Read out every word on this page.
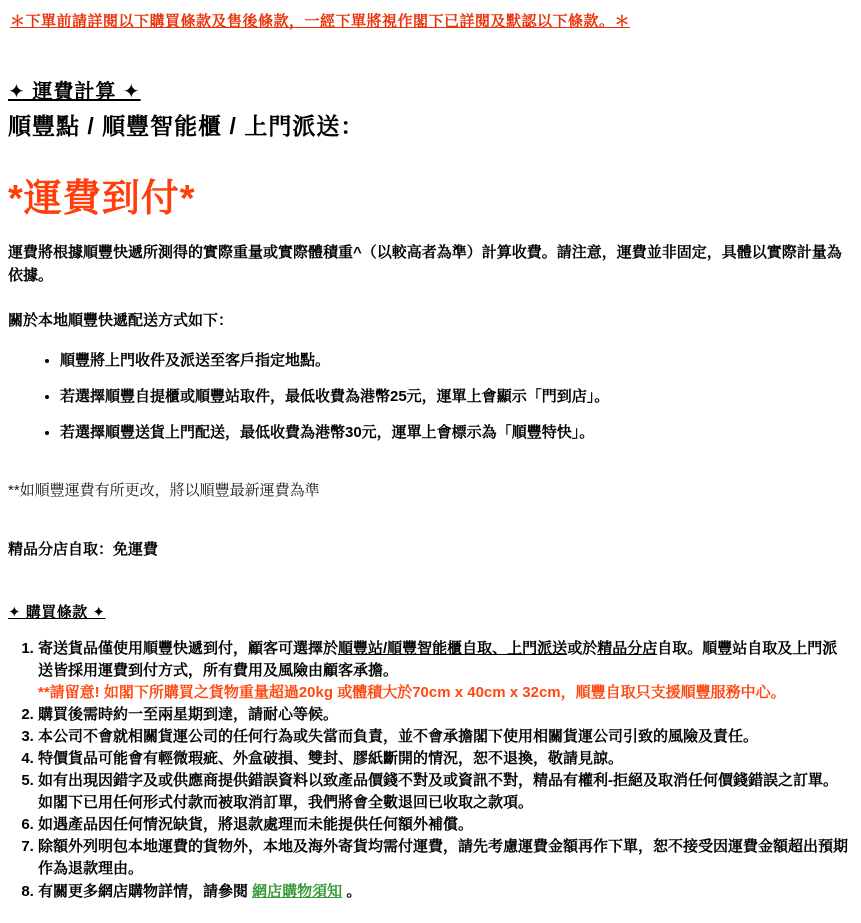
＊下單前請詳閱以下購買條款及售後條款，一經下單將視作閣下已詳閱及默認以下條款。＊
✦ 運費計算 ✦
順豐點 / 順豐智能櫃 / 上門派送：
*運費到付*
運費將根據順豐快遞所測得的實際重量或實際體積重^（以較高者為準）計算收費。請注意，運費並非固定，具體以實際計量為依據。
關於本地順豐快遞配送方式如下：
• 順豐將上門收件及派送至客戶指定地點。
• 若選擇順豐自提櫃或順豐站取件，最低收費為港幣25元，運單上會顯示「門到店」。
• 若選擇順豐送貨上門配送，最低收費為港幣30元，運單上會標示為「順豐特快」。
**如順豐運費有所更改，將以順豐最新運費為準
精品分店自取：免運費
✦ 購買條款 ✦
1. 寄送貨品僅使用順豐快遞到付，顧客可選擇於順豐站/順豐智能櫃自取、上門派送或於精品分店自取。順豐站自取及上門派送皆採用運費到付方式，所有費用及風險由顧客承擔。
**請留意! 如閣下所購買之貨物重量超過20kg 或體積大於70cm x 40cm x 32cm，順豐自取只支援順豐服務中心。
2. 購買後需時約一至兩星期到達，請耐心等候。
3. 本公司不會就相關貨運公司的任何行為或失當而負責，並不會承擔閣下使用相關貨運公司引致的風險及責任。
4. 特價貨品可能會有輕微瑕疵、外盒破損、雙封、膠紙斷開的情況，恕不退換，敬請見諒。
5. 如有出現因錯字及或供應商提供錯誤資料以致產品價錢不對及或資訊不對，精品有權利-拒絕及取消任何價錢錯誤之訂單。如閣下已用任何形式付款而被取消訂單，我們將會全數退回已收取之款項。
6. 如遇產品因任何情況缺貨，將退款處理而未能提供任何額外補償。
7. 除額外列明包本地運費的貨物外，本地及海外寄貨均需付運費，請先考慮運費金額再作下單，恕不接受因運費金額超出預期作為退款理由。
8. 有關更多網店購物詳情，請參閱 網店購物須知 。
